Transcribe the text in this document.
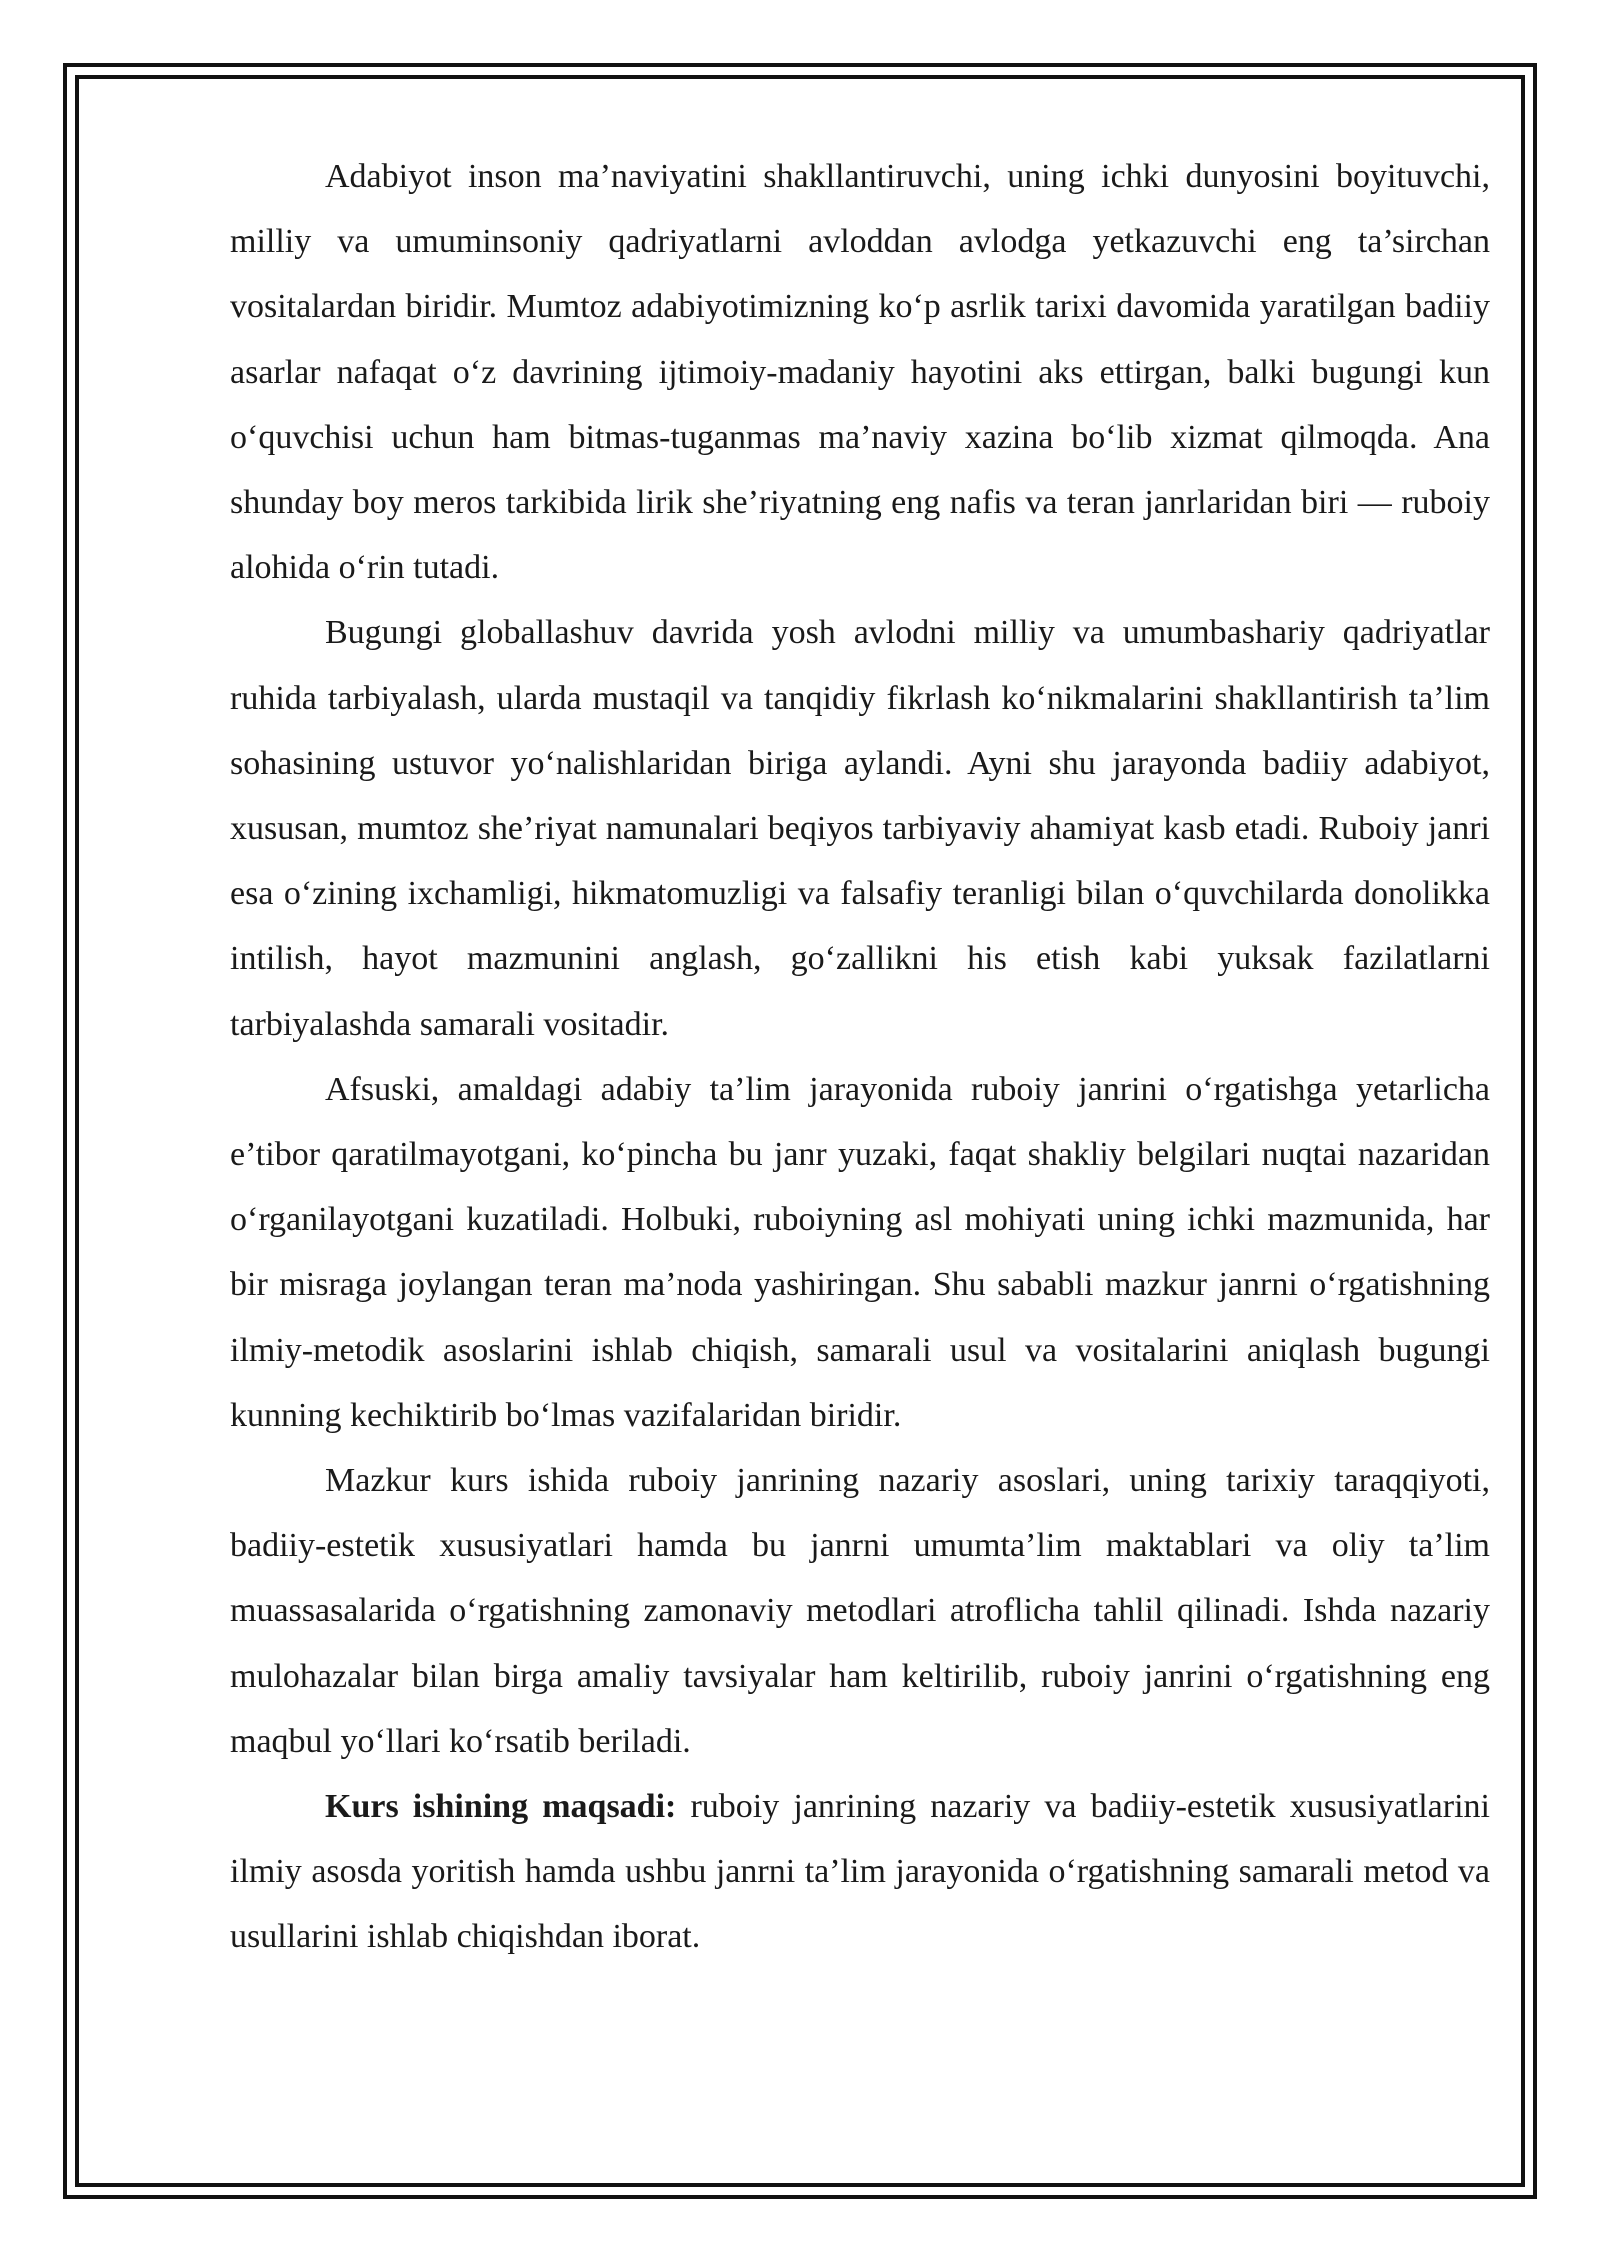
Adabiyot inson ma’naviyatini shakllantiruvchi, uning ichki dunyosini boyituvchi, milliy va umuminsoniy qadriyatlarni avloddan avlodga yetkazuvchi eng ta’sirchan vositalardan biridir. Mumtoz adabiyotimizning ko‘p asrlik tarixi davomida yaratilgan badiiy asarlar nafaqat o‘z davrining ijtimoiy-madaniy hayotini aks ettirgan, balki bugungi kun o‘quvchisi uchun ham bitmas-tuganmas ma’naviy xazina bo‘lib xizmat qilmoqda. Ana shunday boy meros tarkibida lirik she’riyatning eng nafis va teran janrlaridan biri — ruboiy alohida o‘rin tutadi.

Bugungi globallashuv davrida yosh avlodni milliy va umumbashariy qadriyatlar ruhida tarbiyalash, ularda mustaqil va tanqidiy fikrlash ko‘nikmalarini shakllantirish ta’lim sohasining ustuvor yo‘nalishlaridan biriga aylandi. Ayni shu jarayonda badiiy adabiyot, xususan, mumtoz she’riyat namunalari beqiyos tarbiyaviy ahamiyat kasb etadi. Ruboiy janri esa o‘zining ixchamligi, hikmatomuzligi va falsafiy teranligi bilan o‘quvchilarda donolikka intilish, hayot mazmunini anglash, go‘zallikni his etish kabi yuksak fazilatlarni tarbiyalashda samarali vositadir.

Afsuski, amaldagi adabiy ta’lim jarayonida ruboiy janrini o‘rgatishga yetarlicha e’tibor qaratilmayotgani, ko‘pincha bu janr yuzaki, faqat shakliy belgilari nuqtai nazaridan o‘rganilayotgani kuzatiladi. Holbuki, ruboiyning asl mohiyati uning ichki mazmunida, har bir misraga joylangan teran ma’noda yashiringan. Shu sababli mazkur janrni o‘rgatishning ilmiy-metodik asoslarini ishlab chiqish, samarali usul va vositalarini aniqlash bugungi kunning kechiktirib bo‘lmas vazifalaridan biridir.

Mazkur kurs ishida ruboiy janrining nazariy asoslari, uning tarixiy taraqqiyoti, badiiy-estetik xususiyatlari hamda bu janrni umumta’lim maktablari va oliy ta’lim muassasalarida o‘rgatishning zamonaviy metodlari atroflicha tahlil qilinadi. Ishda nazariy mulohazalar bilan birga amaliy tavsiyalar ham keltirilib, ruboiy janrini o‘rgatishning eng maqbul yo‘llari ko‘rsatib beriladi.

Kurs ishining maqsadi: ruboiy janrining nazariy va badiiy-estetik xususiyatlarini ilmiy asosda yoritish hamda ushbu janrni ta’lim jarayonida o‘rgatishning samarali metod va usullarini ishlab chiqishdan iborat.
